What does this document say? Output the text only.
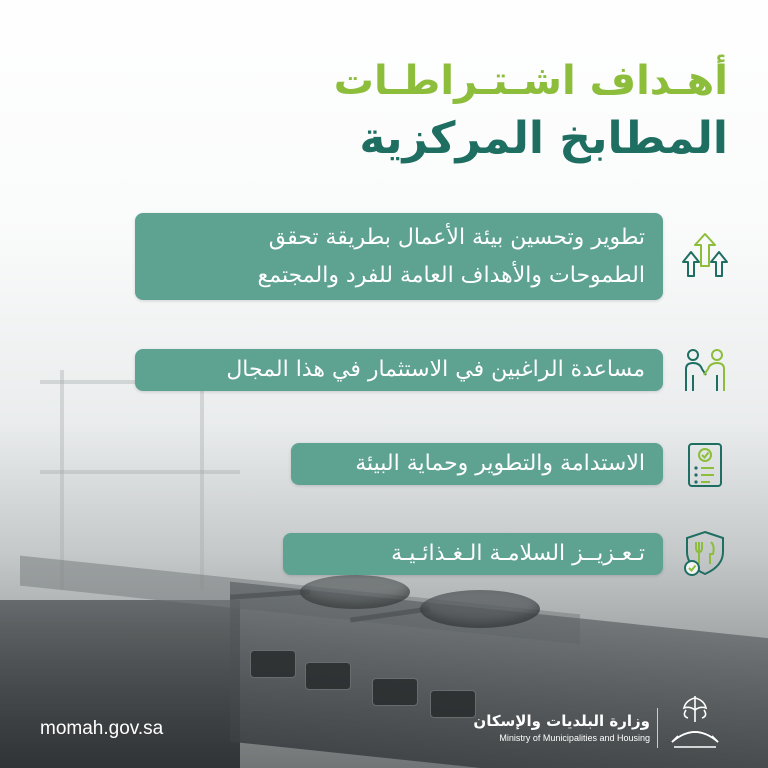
أهـداف اشـتـراطـات
المطابخ المركزية
تطوير وتحسين بيئة الأعمال بطريقة تحقق
الطموحات والأهداف العامة للفرد والمجتمع
مساعدة الراغبين في الاستثمار في هذا المجال
الاستدامة والتطوير وحماية البيئة
تـعـزيــز السلامـة الـغـذائـيـة
momah.gov.sa	وزارة البلديات والإسكان
Ministry of Municipalities and Housing
